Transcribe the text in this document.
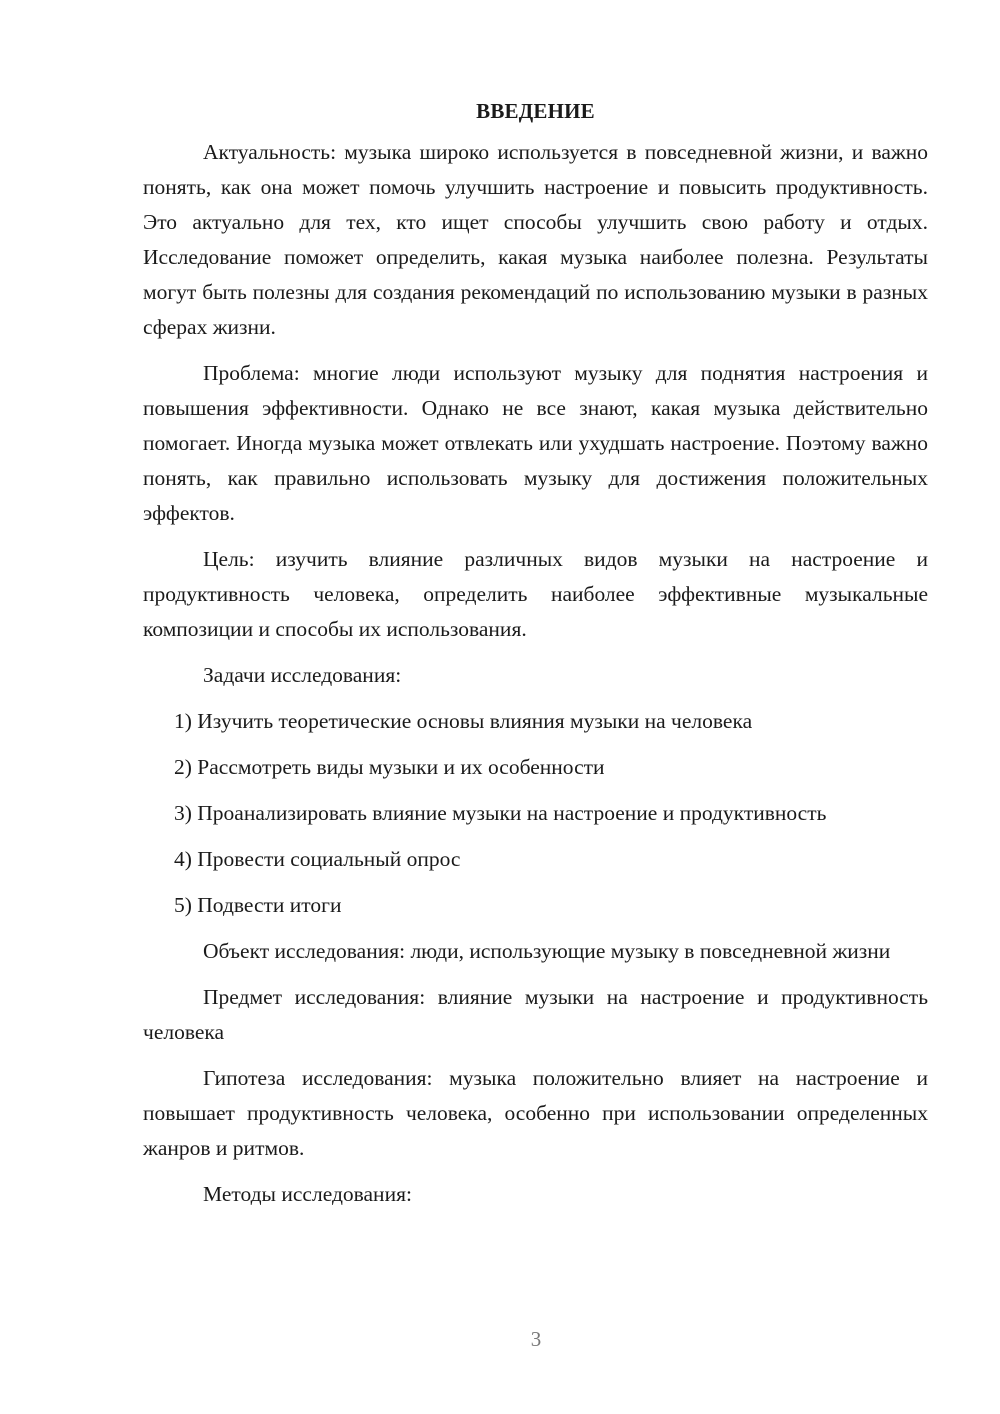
ВВЕДЕНИЕ

Актуальность: музыка широко используется в повседневной жизни, и важно понять, как она может помочь улучшить настроение и повысить продуктивность. Это актуально для тех, кто ищет способы улучшить свою работу и отдых. Исследование поможет определить, какая музыка наиболее полезна. Результаты могут быть полезны для создания рекомендаций по использованию музыки в разных сферах жизни.

Проблема: многие люди используют музыку для поднятия настроения и повышения эффективности. Однако не все знают, какая музыка действительно помогает. Иногда музыка может отвлекать или ухудшать настроение. Поэтому важно понять, как правильно использовать музыку для достижения положительных эффектов.

Цель: изучить влияние различных видов музыки на настроение и продуктивность человека, определить наиболее эффективные музыкальные композиции и способы их использования.

Задачи исследования:

1) Изучить теоретические основы влияния музыки на человека

2) Рассмотреть виды музыки и их особенности

3) Проанализировать влияние музыки на настроение и продуктивность

4) Провести социальный опрос

5) Подвести итоги

Объект исследования: люди, использующие музыку в повседневной жизни

Предмет исследования: влияние музыки на настроение и продуктивность человека

Гипотеза исследования: музыка положительно влияет на настроение и повышает продуктивность человека, особенно при использовании определенных жанров и ритмов.

Методы исследования:

3
